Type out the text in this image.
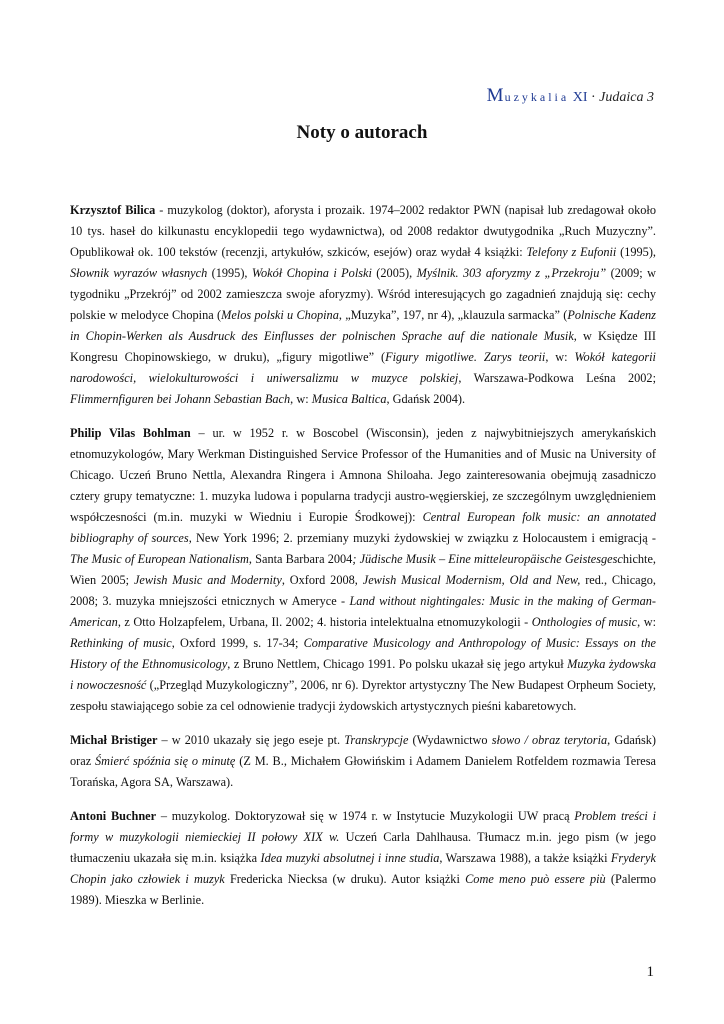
Muzykalia XI · Judaica 3
Noty o autorach

Krzysztof Bilica - muzykolog (doktor), aforysta i prozaik. 1974–2002 redaktor PWN (napisał lub zredagował około 10 tys. haseł do kilkunastu encyklopedii tego wydawnictwa), od 2008 redaktor dwutygodnika „Ruch Muzyczny”. Opublikował ok. 100 tekstów (recenzji, artykułów, szkiców, esejów) oraz wydał 4 książki: Telefony z Eufonii (1995), Słownik wyrazów własnych (1995), Wokół Chopina i Polski (2005), Myślnik. 303 aforyzmy z „Przekroju” (2009; w tygodniku „Przekrój” od 2002 zamieszcza swoje aforyzmy). Wśród interesujących go zagadnień znajdują się: cechy polskie w melodyce Chopina (Melos polski u Chopina, „Muzyka”, 197, nr 4), „klauzula sarmacka” (Polnische Kadenz in Chopin-Werken als Ausdruck des Einflusses der polnischen Sprache auf die nationale Musik, w Księdze III Kongresu Chopinowskiego, w druku), „figury migotliwe” (Figury migotliwe. Zarys teorii, w: Wokół kategorii narodowości, wielokulturowości i uniwersalizmu w muzyce polskiej, Warszawa-Podkowa Leśna 2002; Flimmernfiguren bei Johann Sebastian Bach, w: Musica Baltica, Gdańsk 2004).

Philip Vilas Bohlman – ur. w 1952 r. w Boscobel (Wisconsin), jeden z najwybitniejszych amerykańskich etnomuzykologów, Mary Werkman Distinguished Service Professor of the Humanities and of Music na University of Chicago. Uczeń Bruno Nettla, Alexandra Ringera i Amnona Shiloaha. Jego zainteresowania obejmują zasadniczo cztery grupy tematyczne: 1. muzyka ludowa i popularna tradycji austro-węgierskiej, ze szczególnym uwzględnieniem współczesności (m.in. muzyki w Wiedniu i Europie Środkowej): Central European folk music: an annotated bibliography of sources, New York 1996; 2. przemiany muzyki żydowskiej w związku z Holocaustem i emigracją - The Music of European Nationalism, Santa Barbara 2004; Jüdische Musik – Eine mitteleuropäische Geistesgeschichte, Wien 2005; Jewish Music and Modernity, Oxford 2008, Jewish Musical Modernism, Old and New, red., Chicago, 2008; 3. muzyka mniejszości etnicznych w Ameryce - Land without nightingales: Music in the making of German-American, z Otto Holzapfelem, Urbana, Il. 2002; 4. historia intelektualna etnomuzykologii - Onthologies of music, w: Rethinking of music, Oxford 1999, s. 17-34; Comparative Musicology and Anthropology of Music: Essays on the History of the Ethnomusicology, z Bruno Nettlem, Chicago 1991. Po polsku ukazał się jego artykuł Muzyka żydowska i nowoczesność („Przegląd Muzykologiczny”, 2006, nr 6). Dyrektor artystyczny The New Budapest Orpheum Society, zespołu stawiającego sobie za cel odnowienie tradycji żydowskich artystycznych pieśni kabaretowych.

Michał Bristiger – w 2010 ukazały się jego eseje pt. Transkrypcje (Wydawnictwo słowo / obraz terytoria, Gdańsk) oraz Śmierć spóźnia się o minutę (Z M. B., Michałem Głowińskim i Adamem Danielem Rotfeldem rozmawia Teresa Torańska, Agora SA, Warszawa).

Antoni Buchner – muzykolog. Doktoryzował się w 1974 r. w Instytucie Muzykologii UW pracą Problem treści i formy w muzykologii niemieckiej II połowy XIX w. Uczeń Carla Dahlhausa. Tłumacz m.in. jego pism (w jego tłumaczeniu ukazała się m.in. książka Idea muzyki absolutnej i inne studia, Warszawa 1988), a także książki Fryderyk Chopin jako człowiek i muzyk Fredericka Niecksa (w druku). Autor książki Come meno può essere più (Palermo 1989). Mieszka w Berlinie.

1
